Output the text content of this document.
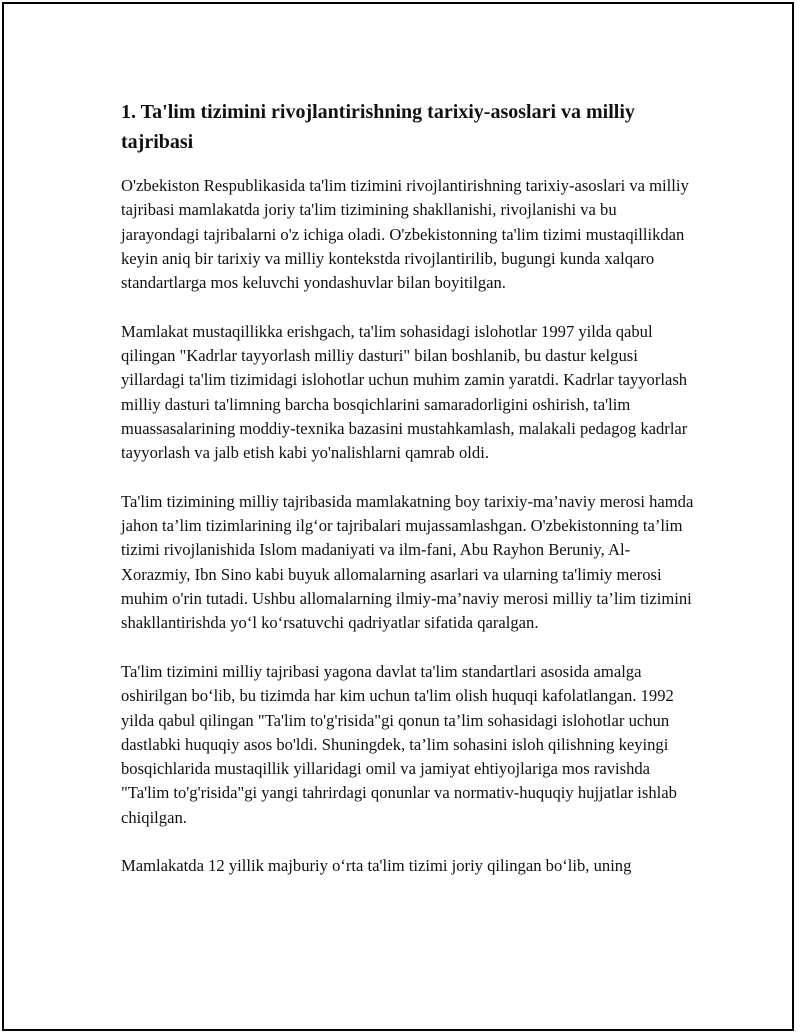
1. Ta'lim tizimini rivojlantirishning tarixiy-asoslari va milliy tajribasi

O'zbekiston Respublikasida ta'lim tizimini rivojlantirishning tarixiy-asoslari va milliy tajribasi mamlakatda joriy ta'lim tizimining shakllanishi, rivojlanishi va bu jarayondagi tajribalarni o'z ichiga oladi. O'zbekistonning ta'lim tizimi mustaqillikdan keyin aniq bir tarixiy va milliy kontekstda rivojlantirilib, bugungi kunda xalqaro standartlarga mos keluvchi yondashuvlar bilan boyitilgan.

Mamlakat mustaqillikka erishgach, ta'lim sohasidagi islohotlar 1997 yilda qabul qilingan "Kadrlar tayyorlash milliy dasturi" bilan boshlanib, bu dastur kelgusi yillardagi ta'lim tizimidagi islohotlar uchun muhim zamin yaratdi. Kadrlar tayyorlash milliy dasturi ta'limning barcha bosqichlarini samaradorligini oshirish, ta'lim muassasalarining moddiy-texnika bazasini mustahkamlash, malakali pedagog kadrlar tayyorlash va jalb etish kabi yo'nalishlarni qamrab oldi.

Ta'lim tizimining milliy tajribasida mamlakatning boy tarixiy-ma’naviy merosi hamda jahon ta’lim tizimlarining ilg‘or tajribalari mujassamlashgan. O'zbekistonning ta’lim tizimi rivojlanishida Islom madaniyati va ilm-fani, Abu Rayhon Beruniy, Al-Xorazmiy, Ibn Sino kabi buyuk allomalarning asarlari va ularning ta'limiy merosi muhim o'rin tutadi. Ushbu allomalarning ilmiy-ma’naviy merosi milliy ta’lim tizimini shakllantirishda yo‘l ko‘rsatuvchi qadriyatlar sifatida qaralgan.

Ta'lim tizimini milliy tajribasi yagona davlat ta'lim standartlari asosida amalga oshirilgan bo‘lib, bu tizimda har kim uchun ta'lim olish huquqi kafolatlangan. 1992 yilda qabul qilingan "Ta'lim to'g'risida"gi qonun ta’lim sohasidagi islohotlar uchun dastlabki huquqiy asos bo'ldi. Shuningdek, ta’lim sohasini isloh qilishning keyingi bosqichlarida mustaqillik yillaridagi omil va jamiyat ehtiyojlariga mos ravishda "Ta'lim to'g'risida"gi yangi tahrirdagi qonunlar va normativ-huquqiy hujjatlar ishlab chiqilgan.

Mamlakatda 12 yillik majburiy o‘rta ta'lim tizimi joriy qilingan bo‘lib, uning
